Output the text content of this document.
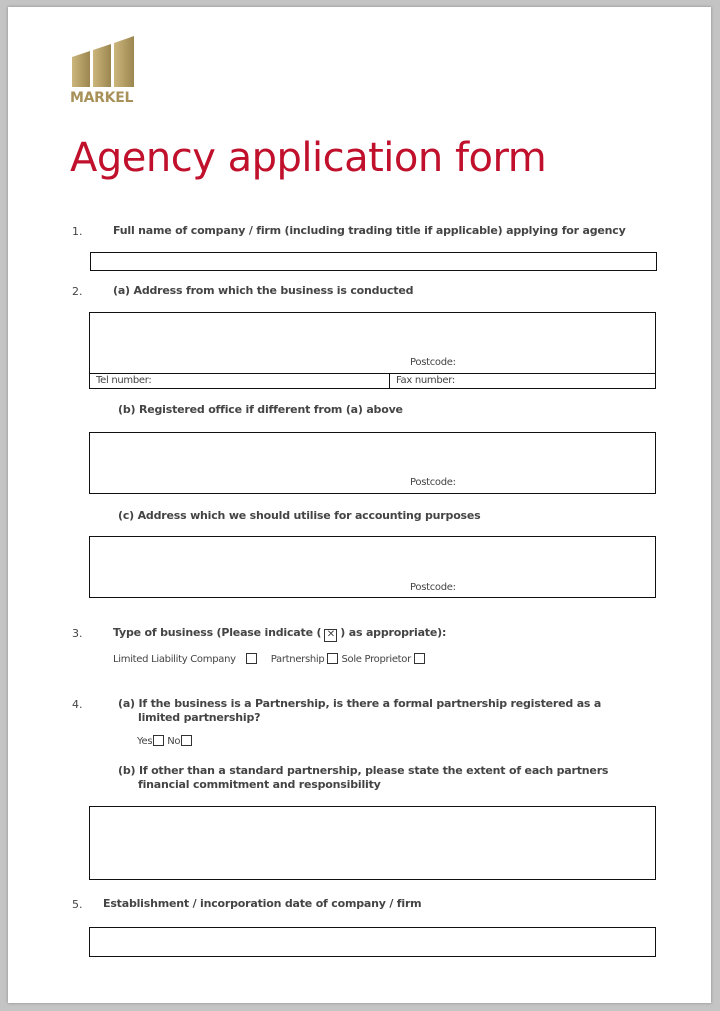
MARKEL
Agency application form
1.	Full name of company / firm (including trading title if applicable) applying for agency
2.	(a) Address from which the business is conducted
Postcode:
Tel number:	Fax number:
(b) Registered office if different from (a) above
Postcode:
(c) Address which we should utilise for accounting purposes
Postcode:
3.	Type of business (Please indicate ( ✕ ) as appropriate):
Limited Liability Company	Partnership Sole Proprietor
4.	(a) If the business is a Partnership, is there a formal partnership registered as a
limited partnership?
Yes No
(b) If other than a standard partnership, please state the extent of each partners
financial commitment and responsibility
5. Establishment / incorporation date of company / firm
